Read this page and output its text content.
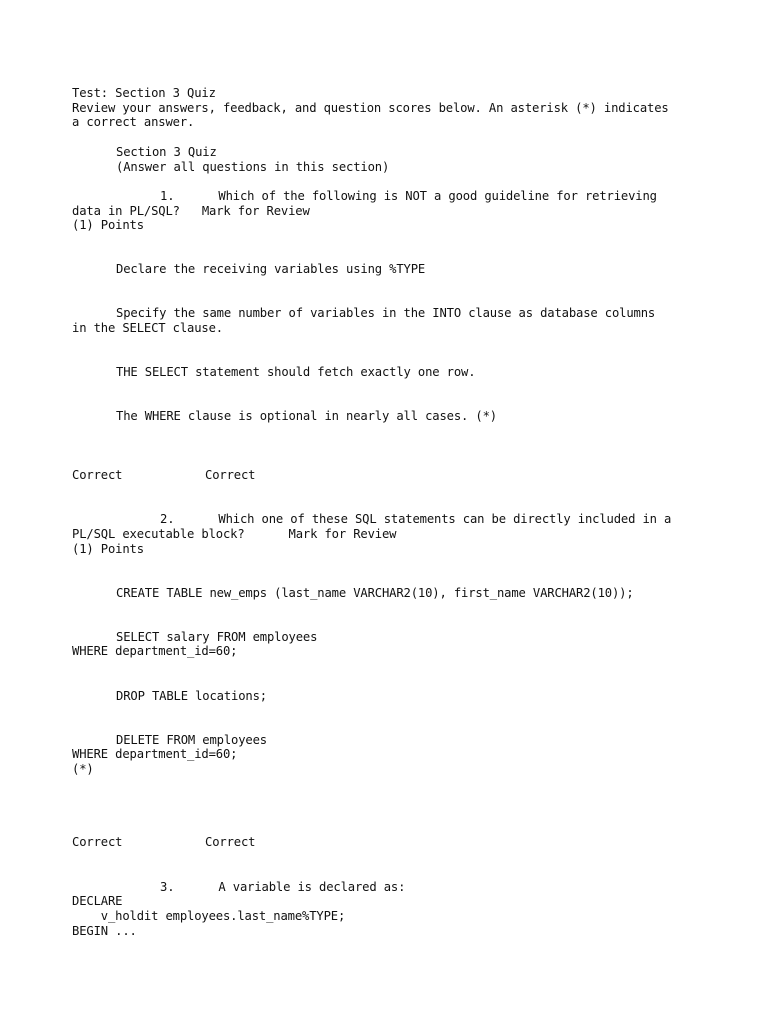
Test: Section 3 Quiz
Review your answers, feedback, and question scores below. An asterisk (*) indicates
a correct answer.
Section 3 Quiz
(Answer all questions in this section)
1.	Which of the following is NOT a good guideline for retrieving
data in PL/SQL? Mark for Review
(1) Points
Declare the receiving variables using %TYPE
Specify the same number of variables in the INTO clause as database columns
in the SELECT clause.
THE SELECT statement should fetch exactly one row.
The WHERE clause is optional in nearly all cases. (*)
Correct	Correct
2.	Which one of these SQL statements can be directly included in a
PL/SQL executable block?	Mark for Review
(1) Points
CREATE TABLE new_emps (last_name VARCHAR2(10), first_name VARCHAR2(10));
SELECT salary FROM employees
WHERE department_id=60;
DROP TABLE locations;
DELETE FROM employees
WHERE department_id=60;
(*)
Correct	Correct
3.	A variable is declared as:
DECLARE
v_holdit employees.last_name%TYPE;
BEGIN ...
